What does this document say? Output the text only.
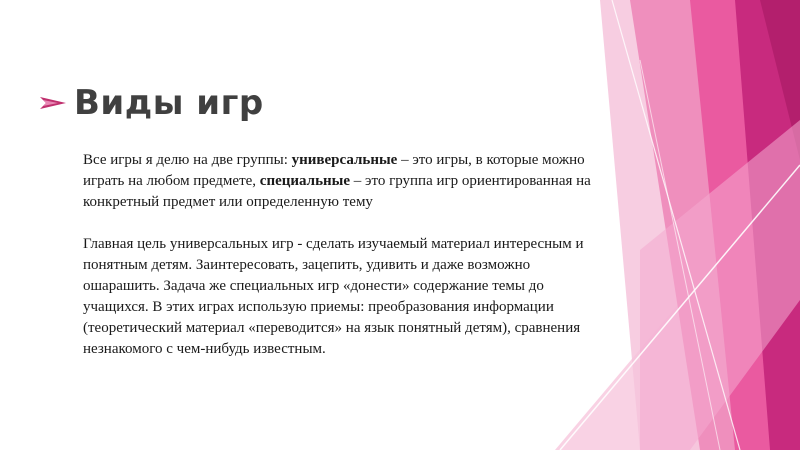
Виды игр

Все игры я делю на две группы: универсальные – это игры, в которые можно играть на любом предмете, специальные – это группа игр ориентированная на конкретный предмет или определенную тему

Главная цель универсальных игр - сделать изучаемый материал интересным и понятным детям. Заинтересовать, зацепить, удивить и даже возможно ошарашить. Задача же специальных игр «донести» содержание темы до учащихся. В этих играх использую приемы: преобразования информации (теоретический материал «переводится» на язык понятный детям), сравнения незнакомого с чем-нибудь известным.
